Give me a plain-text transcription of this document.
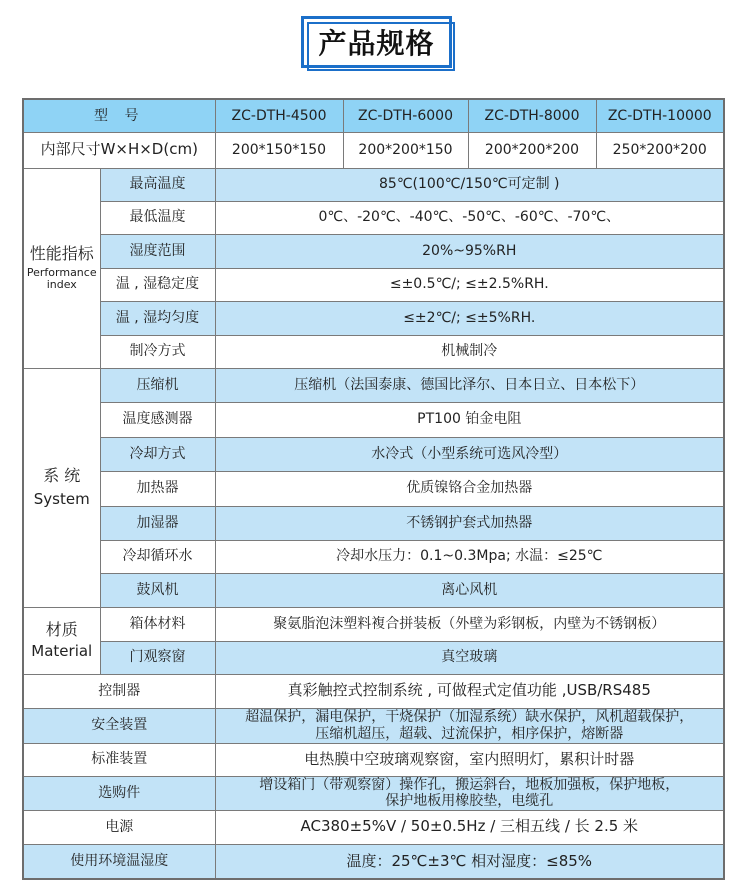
产品规格
型 号		ZC-DTH-4500	ZC-DTH-6000	ZC-DTH-8000	ZC-DTH-10000
内部尺寸W×H×D(cm)		200*150*150	200*200*150	200*200*200	250*200*200

性能指标
Performance index	最高温度	85℃(100℃/150℃可定制 )			
	最低温度	0℃、-20℃、-40℃、-50℃、-60℃、-70℃、			
	湿度范围	20%~95%RH			
	温 , 湿稳定度	≤±0.5℃/; ≤±2.5%RH.			
	温 , 湿均匀度	≤±2℃/; ≤±5%RH.			
	制冷方式	机械制冷			

系 统
System	压缩机	压缩机（法国泰康、德国比泽尔、日本日立、日本松下）			
	温度感测器	PT100 铂金电阻			
	冷却方式	水冷式（小型系统可选风冷型）			
	加热器	优质镍铬合金加热器			
	加湿器	不锈钢护套式加热器			
	冷却循环水	冷却水压力：0.1~0.3Mpa; 水温：≤25℃			
	鼓风机	离心风机			

材质
Material	箱体材料	聚氨脂泡沫塑料複合拼装板（外壁为彩钢板，内壁为不锈钢板）			
	门观察窗	真空玻璃			
控制器		真彩触控式控制系统 , 可做程式定值功能 ,USB/RS485			
安全装置		超温保护，漏电保护，干烧保护（加湿系统）缺水保护，风机超载保护，
压缩机超压，超载、过流保护，相序保护，熔断器			

标准装置		电热膜中空玻璃观察窗，室内照明灯，累积计时器			
选购件		增设箱门（带观察窗）操作孔，搬运斜台，地板加强板，保护地板，
保护地板用橡胶垫，电缆孔			

电源		AC380±5%V / 50±0.5Hz / 三相五线 / 长 2.5 米			
使用环境温湿度		温度：25℃±3℃ 相对湿度：≤85%			
